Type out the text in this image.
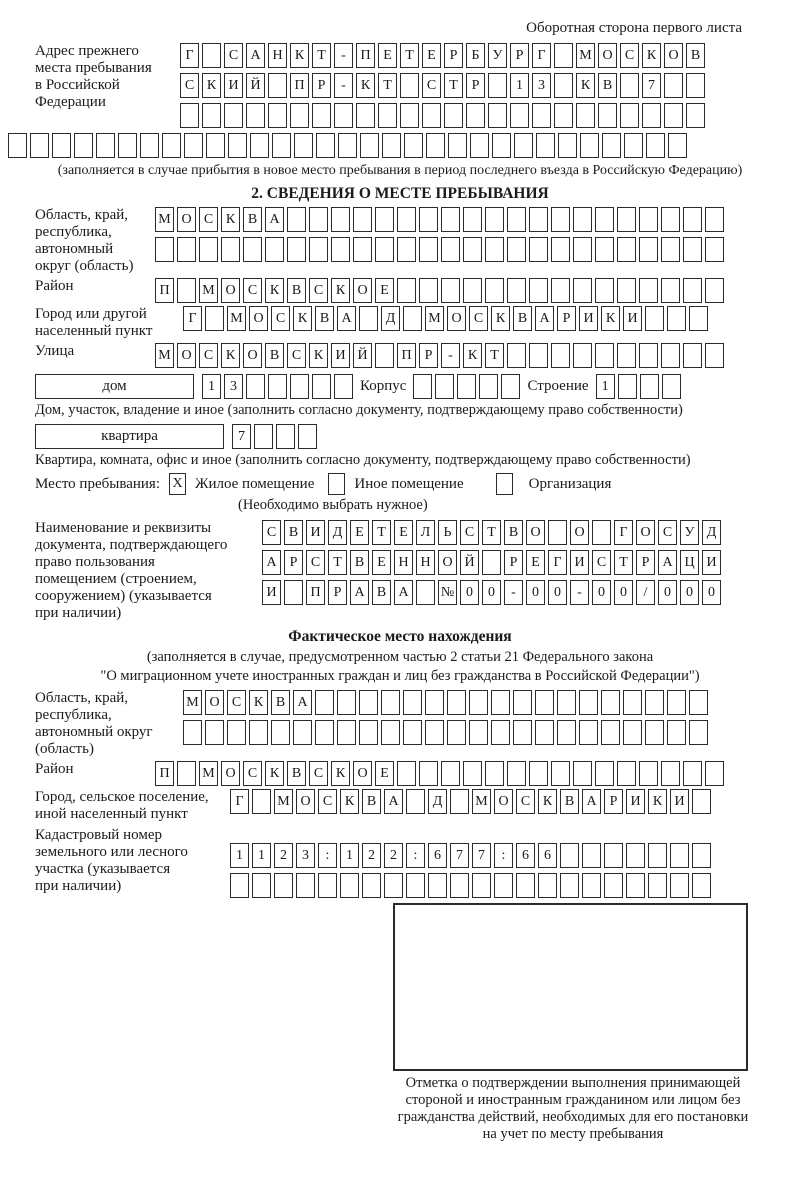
Оборотная сторона первого листа
Адрес прежнего
места пребывания
в Российской
Федерации
Г	С А Н К Т	-	П Е Т Е Р	Б У Р	Г	М О С К О В
С К И Й	П Р	-	К Т	С Т Р	1	3	К В	7
(заполняется в случае прибытия в новое место пребывания в период последнего въезда в Российскую Федерацию)
2. СВЕДЕНИЯ О МЕСТЕ ПРЕБЫВАНИЯ
Область, край,
республика,
автономный
округ (область)
М О С К В А
Район	П	М О С К В С К О Е
Город или другой
населенный пункт
Г	М О С К В А	Д	М О С К В А Р И К И
Улица	М О С К О В С К И Й	П Р	-	К Т
дом	1	3	Корпус	Строение 1
Дом, участок, владение и иное (заполнить согласно документу, подтверждающему право собственности)
квартира	7
Квартира, комната, офис и иное (заполнить согласно документу, подтверждающему право собственности)
Место пребывания: X Жилое помещение	Иное помещение	Организация
(Необходимо выбрать нужное)
Наименование и реквизиты
документа, подтверждающего
право пользования
помещением (строением,
сооружением) (указывается
при наличии)
С В И Д Е Т Е Л Ь С Т В О	О	Г О С У Д
А Р С Т В Е Н Н О Й	Р Е Г И С Т Р А Ц И
И	П Р А В А	№ 0	0	-	0	0	-	0	0	/	0	0	0
Фактическое место нахождения
(заполняется в случае, предусмотренном частью 2 статьи 21 Федерального закона
"О миграционном учете иностранных граждан и лиц без гражданства в Российской Федерации")
Область, край,
республика,
автономный округ
(область)
М О С К В А
Район	П	М О С К В С К О Е
Город, сельское поселение,
иной населенный пункт
Г	М О С К В А	Д	М О С К В А Р И К И
Кадастровый номер
земельного или лесного
участка (указывается
при наличии)
1	1	2	3	:	1	2	2	:	6	7	7	:	6	6
Отметка о подтверждении выполнения принимающей
стороной и иностранным гражданином или лицом без
гражданства действий, необходимых для его постановки
на учет по месту пребывания
